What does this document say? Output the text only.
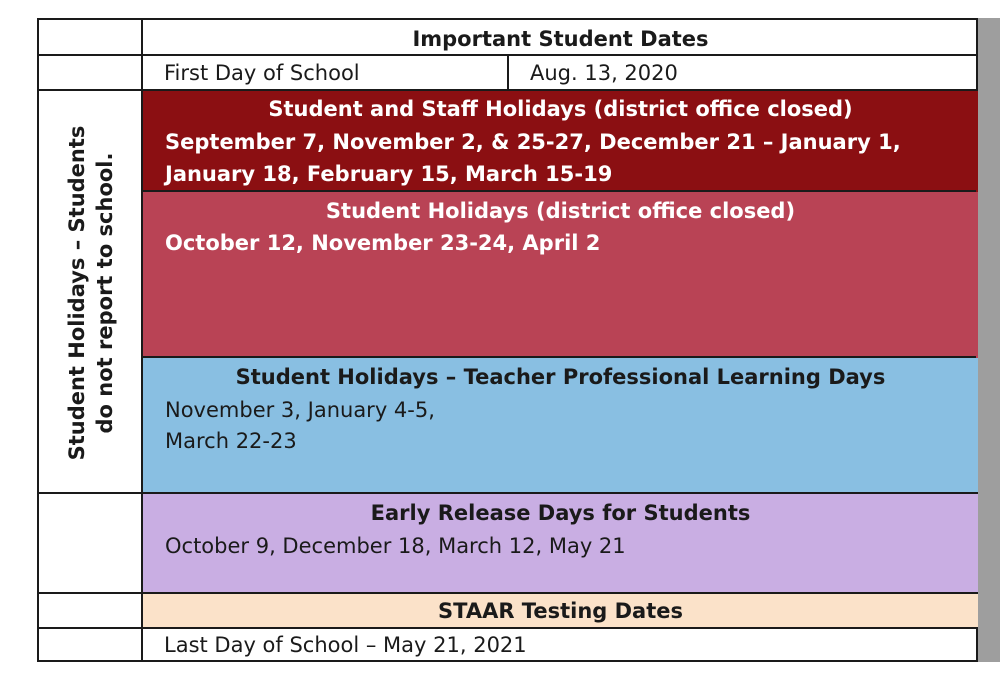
Important Student Dates
First Day of School	Aug. 13, 2020
Student Holidays – Students do not report to school.
Student and Staff Holidays (district office closed)
September 7, November 2, & 25-27, December 21 – January 1, January 18, February 15, March 15-19
Student Holidays (district office closed)
October 12, November 23-24, April 2
Student Holidays – Teacher Professional Learning Days
November 3, January 4-5,
March 22-23
Early Release Days for Students
October 9, December 18, March 12, May 21
STAAR Testing Dates
Last Day of School – May 21, 2021
